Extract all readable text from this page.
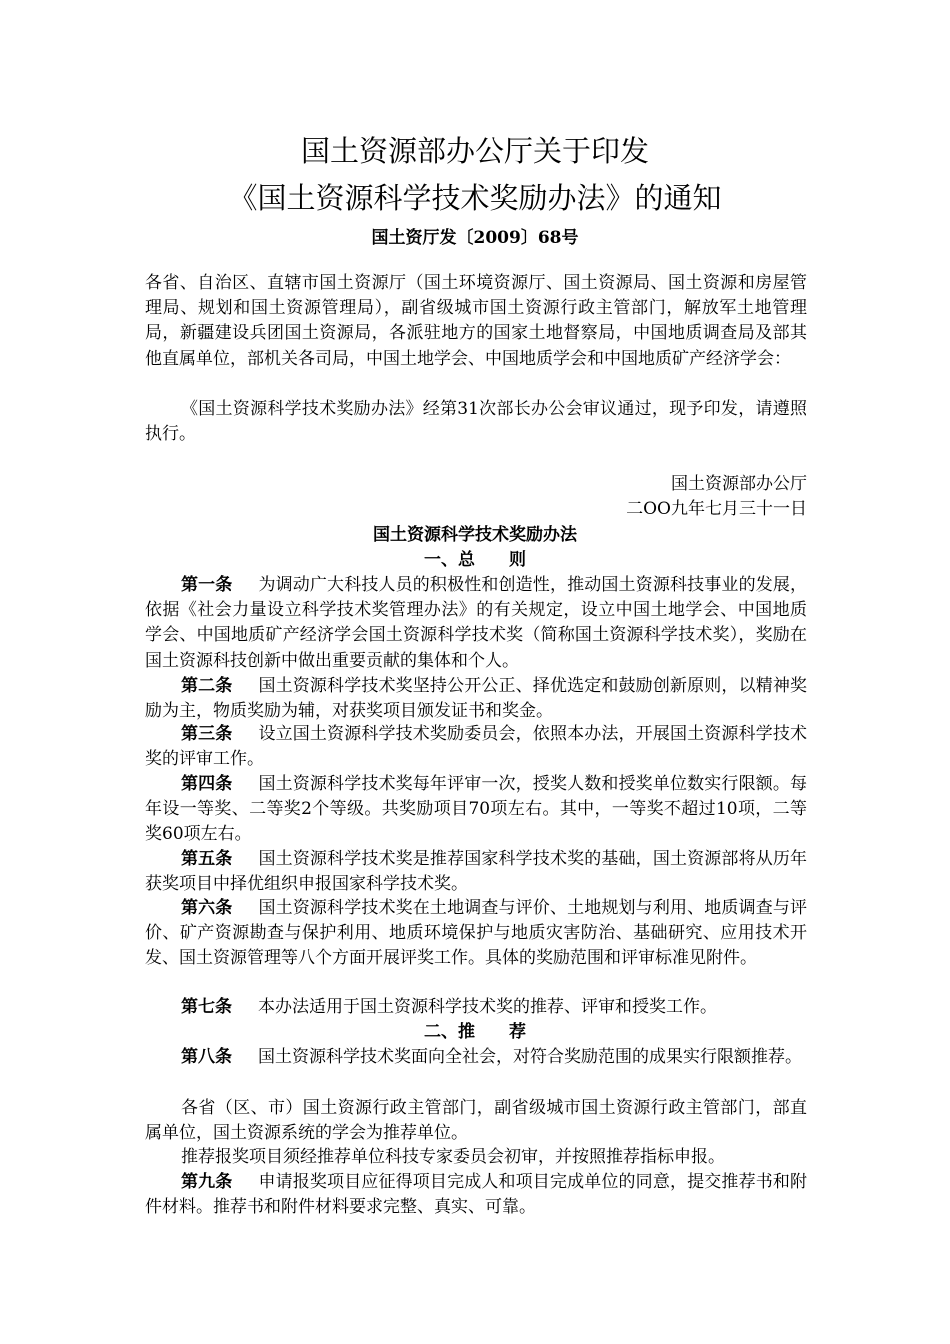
国土资源部办公厅关于印发
《国土资源科学技术奖励办法》的通知
国土资厅发〔2009〕68号

各省、自治区、直辖市国土资源厅（国土环境资源厅、国土资源局、国土资源和房屋管理局、规划和国土资源管理局），副省级城市国土资源行政主管部门，解放军土地管理局，新疆建设兵团国土资源局，各派驻地方的国家土地督察局，中国地质调查局及部其他直属单位，部机关各司局，中国土地学会、中国地质学会和中国地质矿产经济学会：

《国土资源科学技术奖励办法》经第31次部长办公会审议通过，现予印发，请遵照执行。

国土资源部办公厅
二OO九年七月三十一日
国土资源科学技术奖励办法
一、总　　则

第一条 为调动广大科技人员的积极性和创造性，推动国土资源科技事业的发展，依据《社会力量设立科学技术奖管理办法》的有关规定，设立中国土地学会、中国地质学会、中国地质矿产经济学会国土资源科学技术奖（简称国土资源科学技术奖），奖励在国土资源科技创新中做出重要贡献的集体和个人。

第二条 国土资源科学技术奖坚持公开公正、择优选定和鼓励创新原则，以精神奖励为主，物质奖励为辅，对获奖项目颁发证书和奖金。

第三条 设立国土资源科学技术奖励委员会，依照本办法，开展国土资源科学技术奖的评审工作。

第四条 国土资源科学技术奖每年评审一次，授奖人数和授奖单位数实行限额。每年设一等奖、二等奖2个等级。共奖励项目70项左右。其中，一等奖不超过10项，二等奖60项左右。

第五条 国土资源科学技术奖是推荐国家科学技术奖的基础，国土资源部将从历年获奖项目中择优组织申报国家科学技术奖。

第六条 国土资源科学技术奖在土地调查与评价、土地规划与利用、地质调查与评价、矿产资源勘查与保护利用、地质环境保护与地质灾害防治、基础研究、应用技术开发、国土资源管理等八个方面开展评奖工作。具体的奖励范围和评审标准见附件。

第七条 本办法适用于国土资源科学技术奖的推荐、评审和授奖工作。

二、推　　荐

第八条 国土资源科学技术奖面向全社会，对符合奖励范围的成果实行限额推荐。

各省（区、市）国土资源行政主管部门，副省级城市国土资源行政主管部门，部直属单位，国土资源系统的学会为推荐单位。

推荐报奖项目须经推荐单位科技专家委员会初审，并按照推荐指标申报。

第九条 申请报奖项目应征得项目完成人和项目完成单位的同意，提交推荐书和附件材料。推荐书和附件材料要求完整、真实、可靠。
